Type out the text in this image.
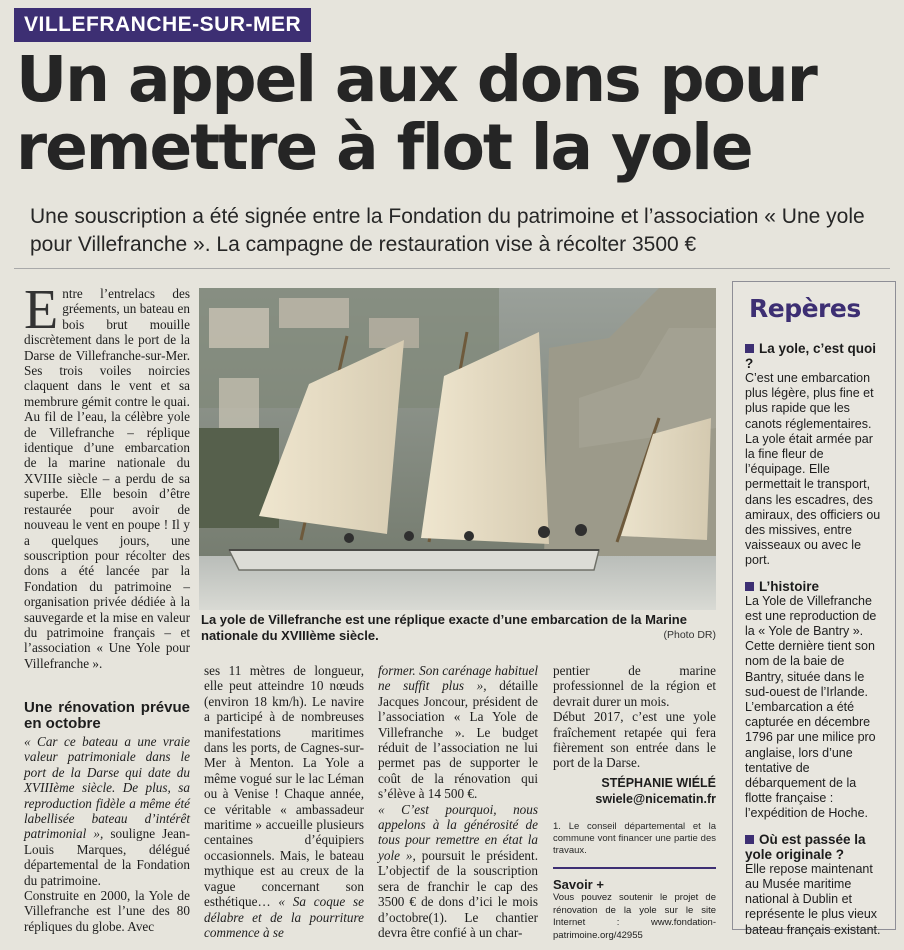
VILLEFRANCHE-SUR-MER
Un appel aux dons pour
remettre à flot la yole
Une souscription a été signée entre la Fondation du patrimoine et l’association « Une yole pour Villefranche ». La campagne de restauration vise à récolter 3500 €
E ntre l’entrelacs des gréements, un bateau en bois brut mouille discrètement dans le port de la Darse de Villefranche-sur-Mer. Ses trois voiles noircies claquent dans le vent et sa membrure gémit contre le quai.

Au fil de l’eau, la célèbre yole de Villefranche – réplique identique d’une embarcation de la marine nationale du XVIIIe siècle – a perdu de sa superbe. Elle besoin d’être restaurée pour avoir de nouveau le vent en poupe ! Il y a quelques jours, une souscription pour récolter des dons a été lancée par la Fondation du patrimoine – organisation privée dédiée à la sauvegarde et la mise en valeur du patrimoine français – et l’association « Une Yole pour Villefranche ».

Une rénovation prévue en octobre

« Car ce bateau a une vraie valeur patrimoniale dans le port de la Darse qui date du XVIIIème siècle. De plus, sa reproduction fidèle a même été labellisée bateau d’intérêt patrimonial », souligne Jean-Louis Marques, délégué départemental de la Fondation du patrimoine.

Construite en 2000, la Yole de Villefranche est l’une des 80 répliques du globe. Avec

La yole de Villefranche est une réplique exacte d’une embarcation de la Marine nationale du XVIIIème siècle.	(Photo DR)

ses 11 mètres de longueur, elle peut atteindre 10 nœuds (environ 18 km/h). Le navire a participé à de nombreuses manifestations maritimes dans les ports, de Cagnes-sur-Mer à Menton. La Yole a même vogué sur le lac Léman ou à Venise ! Chaque année, ce véritable « ambassadeur maritime » accueille plusieurs centaines d’équipiers occasionnels. Mais, le bateau mythique est au creux de la vague concernant son esthétique… « Sa coque se délabre et de la pourriture commence à se

former. Son carénage habituel ne suffit plus », détaille Jacques Joncour, président de l’association « La Yole de Villefranche ». Le budget réduit de l’association ne lui permet pas de supporter le coût de la rénovation qui s’élève à 14 500 €.

« C’est pourquoi, nous appelons à la générosité de tous pour remettre en état la yole », poursuit le président. L’objectif de la souscription sera de franchir le cap des 3500 € de dons d’ici le mois d’octobre(1). Le chantier devra être confié à un char-

pentier de marine professionnel de la région et devrait durer un mois.

Début 2017, c’est une yole fraîchement retapée qui fera fièrement son entrée dans le port de la Darse.

STÉPHANIE WIÉLÉ
swiele@nicematin.fr
1. Le conseil départemental et la commune vont financer une partie des travaux.
Savoir +
Vous pouvez soutenir le projet de rénovation de la yole sur le site Internet : www.fondation-patrimoine.org/42955
Repères
La yole, c’est quoi ?
C’est une embarcation plus légère, plus fine et plus rapide que les canots réglementaires. La yole était armée par la fine fleur de l’équipage. Elle permettait le transport, dans les escadres, des amiraux, des officiers ou des missives, entre vaisseaux ou avec le port.
L’histoire
La Yole de Villefranche est une reproduction de la « Yole de Bantry ». Cette dernière tient son nom de la baie de Bantry, située dans le sud-ouest de l’Irlande. L’embarcation a été capturée en décembre 1796 par une milice pro anglaise, lors d’une tentative de débarquement de la flotte française : l’expédition de Hoche.
Où est passée la yole originale ?
Elle repose maintenant au Musée maritime national à Dublin et représente le plus vieux bateau français existant.
